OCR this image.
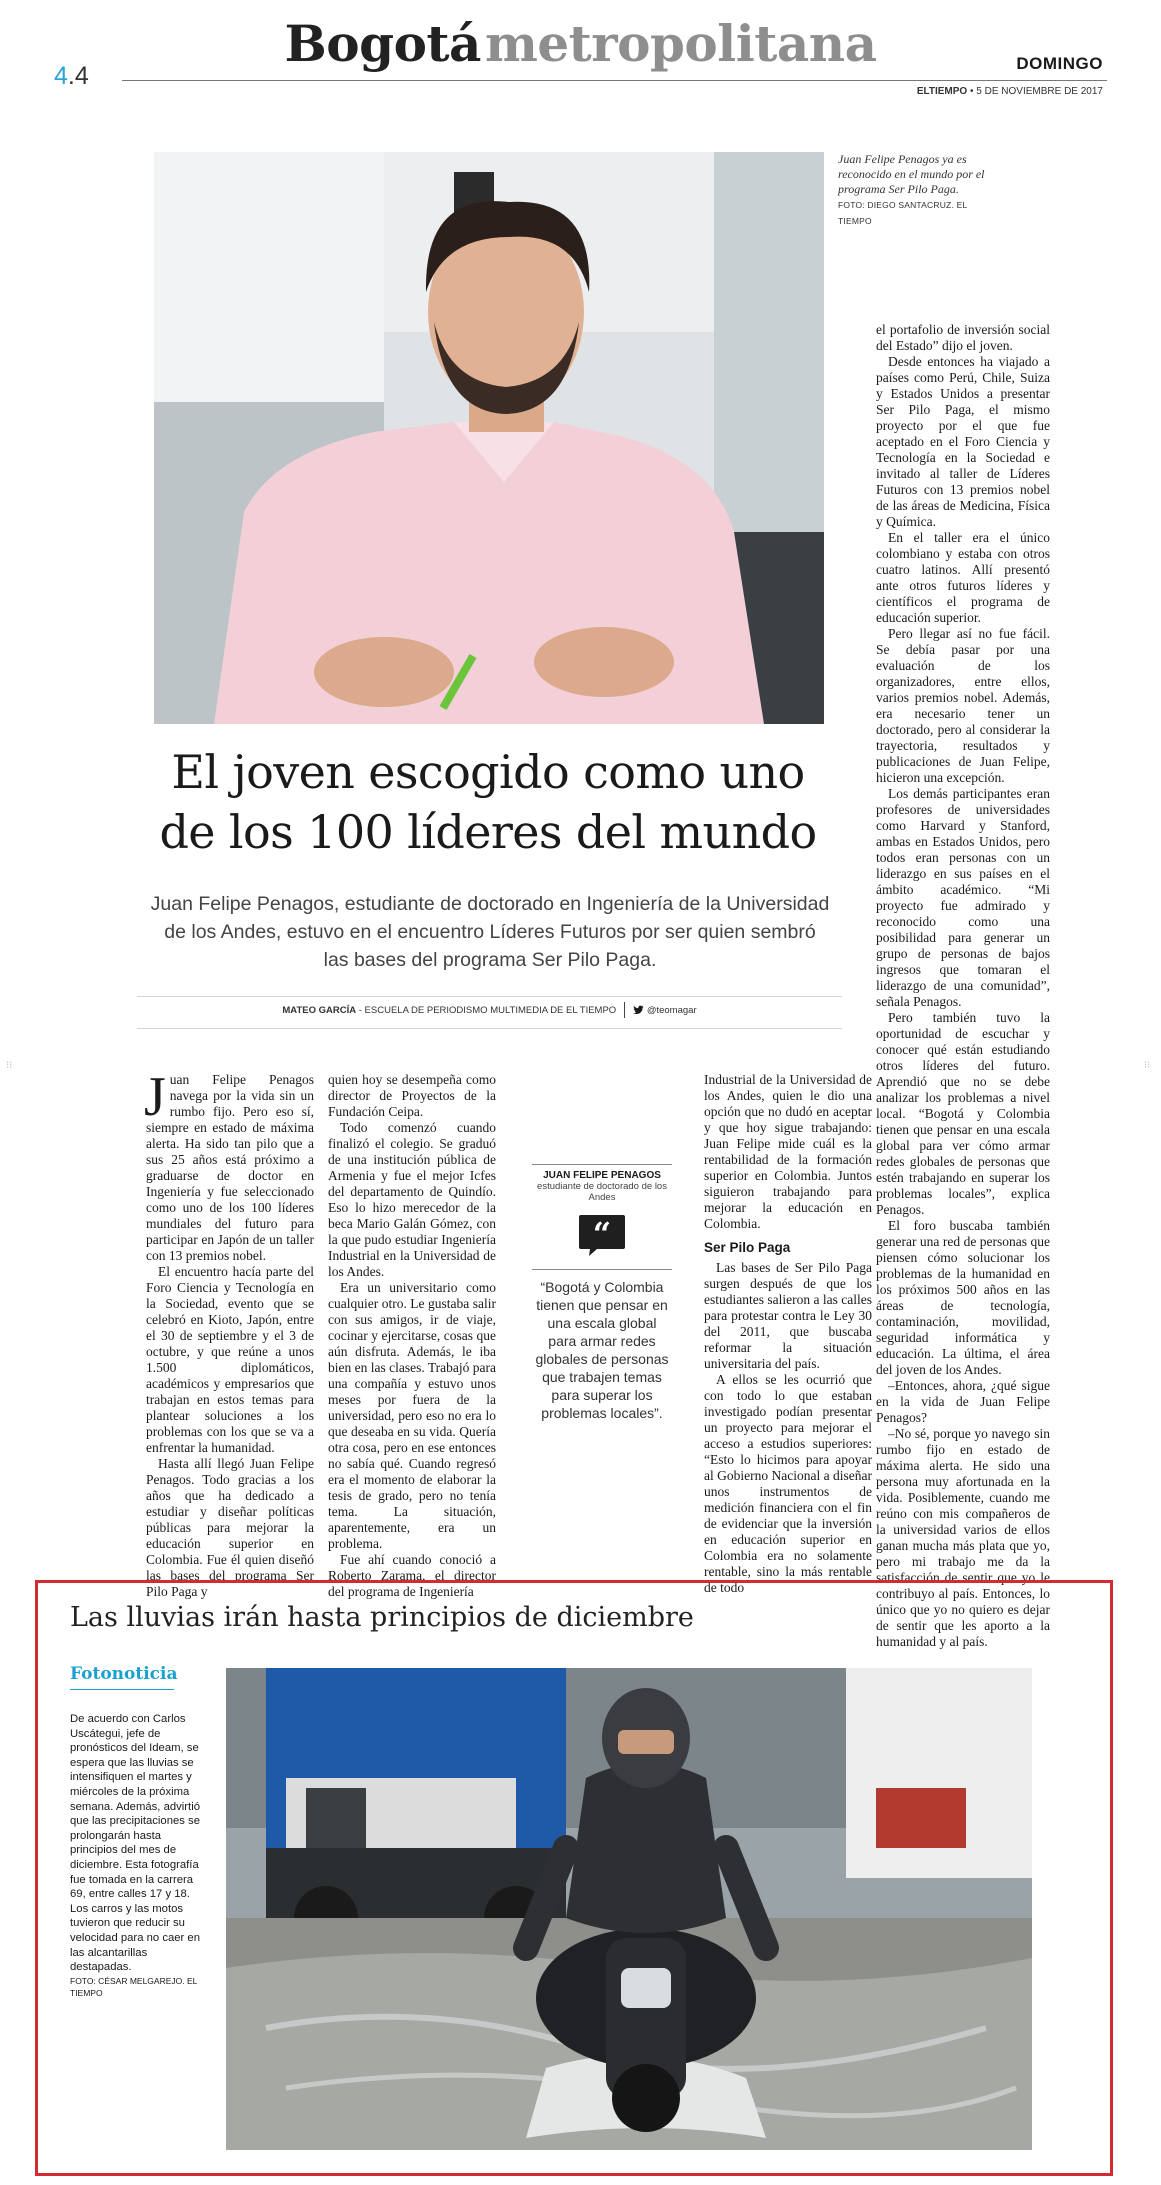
4.4
Bogotá metropolitana	DOMINGO
ELTIEMPO • 5 DE NOVIEMBRE DE 2017
Juan Felipe Penagos ya es reconocido en el mundo por el programa Ser Pilo Paga. FOTO: DIEGO SANTACRUZ. EL TIEMPO
El joven escogido como uno
de los 100 líderes del mundo
Juan Felipe Penagos, estudiante de doctorado en Ingeniería de la Universidad de los Andes, estuvo en el encuentro Líderes Futuros por ser quien sembró las bases del programa Ser Pilo Paga.
MATEO GARCÍA - ESCUELA DE PERIODISMO MULTIMEDIA DE EL TIEMPO	@teomagar
⁝⁝	⁝⁝

Juan Felipe Penagos navega por la vida sin un rumbo fijo. Pero eso sí, siempre en estado de máxima alerta. Ha sido tan pilo que a sus 25 años está próximo a graduarse de doctor en Ingeniería y fue seleccionado como uno de los 100 líderes mundiales del futuro para participar en Japón de un taller con 13 premios nobel.

El encuentro hacía parte del Foro Ciencia y Tecnología en la Sociedad, evento que se celebró en Kioto, Japón, entre el 30 de septiembre y el 3 de octubre, y que reúne a unos 1.500 diplomáticos, académicos y empresarios que trabajan en estos temas para plantear soluciones a los problemas con los que se va a enfrentar la humanidad.

Hasta allí llegó Juan Felipe Penagos. Todo gracias a los años que ha dedicado a estudiar y diseñar políticas públicas para mejorar la educación superior en Colombia. Fue él quien diseñó las bases del programa Ser Pilo Paga y

quien hoy se desempeña como director de Proyectos de la Fundación Ceipa.

Todo comenzó cuando finalizó el colegio. Se graduó de una institución pública de Armenia y fue el mejor Icfes del departamento de Quindío. Eso lo hizo merecedor de la beca Mario Galán Gómez, con la que pudo estudiar Ingeniería Industrial en la Universidad de los Andes.

Era un universitario como cualquier otro. Le gustaba salir con sus amigos, ir de viaje, cocinar y ejercitarse, cosas que aún disfruta. Además, le iba bien en las clases. Trabajó para una compañía y estuvo unos meses por fuera de la universidad, pero eso no era lo que deseaba en su vida. Quería otra cosa, pero en ese entonces no sabía qué. Cuando regresó era el momento de elaborar la tesis de grado, pero no tenía tema. La situación, aparentemente, era un problema.

Fue ahí cuando conoció a Roberto Zarama, el director del programa de Ingeniería

JUAN FELIPE PENAGOS
estudiante de doctorado de los Andes
“
“Bogotá y Colombia tienen que pensar en una escala global para armar redes globales de personas que trabajen temas para superar los problemas locales”.

Industrial de la Universidad de los Andes, quien le dio una opción que no dudó en aceptar y que hoy sigue trabajando: Juan Felipe mide cuál es la rentabilidad de la formación superior en Colombia. Juntos siguieron trabajando para mejorar la educación en Colombia.

Ser Pilo Paga

Las bases de Ser Pilo Paga surgen después de que los estudiantes salieron a las calles para protestar contra le Ley 30 del 2011, que buscaba reformar la situación universitaria del país.

A ellos se les ocurrió que con todo lo que estaban investigado podían presentar un proyecto para mejorar el acceso a estudios superiores: “Esto lo hicimos para apoyar al Gobierno Nacional a diseñar unos instrumentos de medición financiera con el fin de evidenciar que la inversión en educación superior en Colombia era no solamente rentable, sino la más rentable de todo

el portafolio de inversión social del Estado” dijo el joven.

Desde entonces ha viajado a países como Perú, Chile, Suiza y Estados Unidos a presentar Ser Pilo Paga, el mismo proyecto por el que fue aceptado en el Foro Ciencia y Tecnología en la Sociedad e invitado al taller de Líderes Futuros con 13 premios nobel de las áreas de Medicina, Física y Química.

En el taller era el único colombiano y estaba con otros cuatro latinos. Allí presentó ante otros futuros líderes y científicos el programa de educación superior.

Pero llegar así no fue fácil. Se debía pasar por una evaluación de los organizadores, entre ellos, varios premios nobel. Además, era necesario tener un doctorado, pero al considerar la trayectoria, resultados y publicaciones de Juan Felipe, hicieron una excepción.

Los demás participantes eran profesores de universidades como Harvard y Stanford, ambas en Estados Unidos, pero todos eran personas con un liderazgo en sus países en el ámbito académico. “Mi proyecto fue admirado y reconocido como una posibilidad para generar un grupo de personas de bajos ingresos que tomaran el liderazgo de una comunidad”, señala Penagos.

Pero también tuvo la oportunidad de escuchar y conocer qué están estudiando otros líderes del futuro. Aprendió que no se debe analizar los problemas a nivel local. “Bogotá y Colombia tienen que pensar en una escala global para ver cómo armar redes globales de personas que estén trabajando en superar los problemas locales”, explica Penagos.

El foro buscaba también generar una red de personas que piensen cómo solucionar los problemas de la humanidad en los próximos 500 años en las áreas de tecnología, contaminación, movilidad, seguridad informática y educación. La última, el área del joven de los Andes.

–Entonces, ahora, ¿qué sigue en la vida de Juan Felipe Penagos?

–No sé, porque yo navego sin rumbo fijo en estado de máxima alerta. He sido una persona muy afortunada en la vida. Posiblemente, cuando me reúno con mis compañeros de la universidad varios de ellos ganan mucha más plata que yo, pero mi trabajo me da la satisfacción de sentir que yo le contribuyo al país. Entonces, lo único que yo no quiero es dejar de sentir que les aporto a la humanidad y al país.

Las lluvias irán hasta principios de diciembre
Fotonoticia
De acuerdo con Carlos Uscátegui, jefe de pronósticos del Ideam, se espera que las lluvias se intensifiquen el martes y miércoles de la próxima semana. Además, advirtió que las precipitaciones se prolongarán hasta principios del mes de diciembre. Esta fotografía fue tomada en la carrera 69, entre calles 17 y 18. Los carros y las motos tuvieron que reducir su velocidad para no caer en las alcantarillas destapadas.
FOTO: CÉSAR MELGAREJO. EL TIEMPO
